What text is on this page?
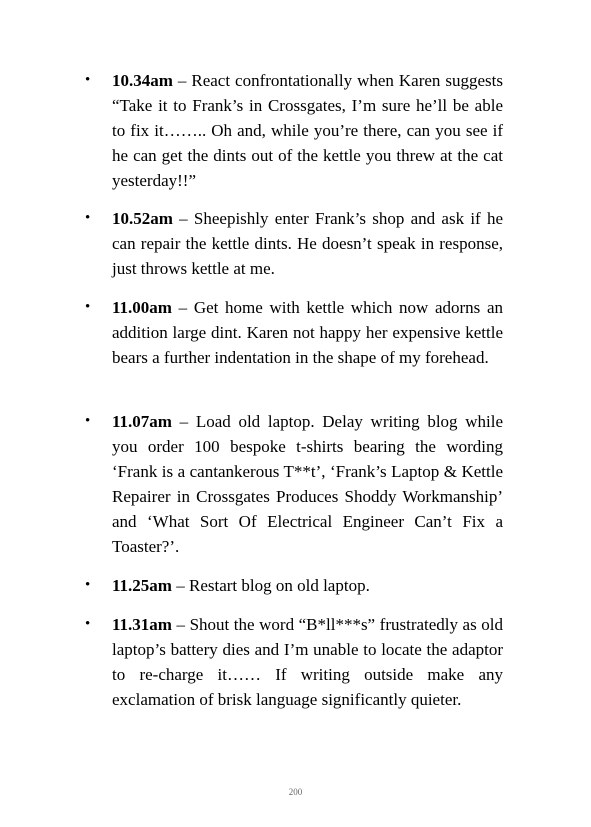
• 10.34am – React confrontationally when Karen suggests “Take it to Frank’s in Crossgates, I’m sure he’ll be able to fix it…….. Oh and, while you’re there, can you see if he can get the dints out of the kettle you threw at the cat yesterday!!”
• 10.52am – Sheepishly enter Frank’s shop and ask if he can repair the kettle dints. He doesn’t speak in response, just throws kettle at me.
• 11.00am – Get home with kettle which now adorns an addition large dint. Karen not happy her expensive kettle bears a further indentation in the shape of my forehead.
• 11.07am – Load old laptop. Delay writing blog while you order 100 bespoke t-shirts bearing the wording ‘Frank is a cantankerous T**t’, ‘Frank’s Laptop & Kettle Repairer in Crossgates Produces Shoddy Workmanship’ and ‘What Sort Of Electrical Engineer Can’t Fix a Toaster?’.
• 11.25am – Restart blog on old laptop.
• 11.31am – Shout the word “B*ll***s” frustratedly as old laptop’s battery dies and I’m unable to locate the adaptor to re-charge it…… If writing outside make any exclamation of brisk language significantly quieter.
200
